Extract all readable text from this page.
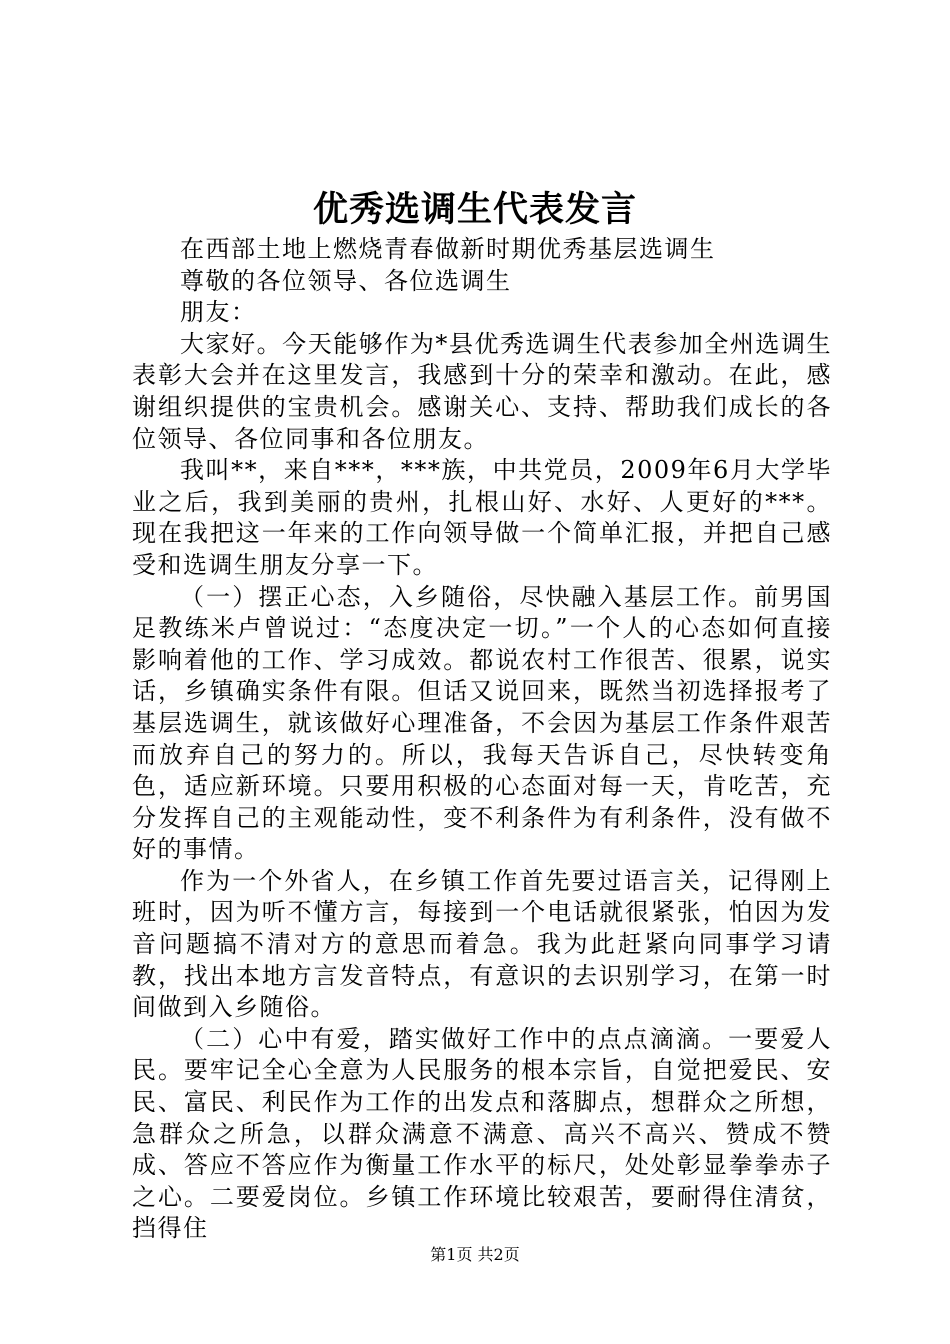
优秀选调生代表发言

在西部土地上燃烧青春做新时期优秀基层选调生

尊敬的各位领导、各位选调生

朋友：

大家好。今天能够作为*县优秀选调生代表参加全州选调生表彰大会并在这里发言，我感到十分的荣幸和激动。在此，感谢组织提供的宝贵机会。感谢关心、支持、帮助我们成长的各位领导、各位同事和各位朋友。

我叫**，来自***，***族，中共党员，2009年6月大学毕业之后，我到美丽的贵州，扎根山好、水好、人更好的***。现在我把这一年来的工作向领导做一个简单汇报，并把自己感受和选调生朋友分享一下。

（一）摆正心态，入乡随俗，尽快融入基层工作。前男国足教练米卢曾说过：“态度决定一切。”一个人的心态如何直接影响着他的工作、学习成效。都说农村工作很苦、很累，说实话，乡镇确实条件有限。但话又说回来，既然当初选择报考了基层选调生，就该做好心理准备，不会因为基层工作条件艰苦而放弃自己的努力的。所以，我每天告诉自己，尽快转变角色，适应新环境。只要用积极的心态面对每一天，肯吃苦，充分发挥自己的主观能动性，变不利条件为有利条件，没有做不好的事情。

作为一个外省人，在乡镇工作首先要过语言关，记得刚上班时，因为听不懂方言，每接到一个电话就很紧张，怕因为发音问题搞不清对方的意思而着急。我为此赶紧向同事学习请教，找出本地方言发音特点，有意识的去识别学习，在第一时间做到入乡随俗。

（二）心中有爱，踏实做好工作中的点点滴滴。一要爱人民。要牢记全心全意为人民服务的根本宗旨，自觉把爱民、安民、富民、利民作为工作的出发点和落脚点，想群众之所想，急群众之所急，以群众满意不满意、高兴不高兴、赞成不赞成、答应不答应作为衡量工作水平的标尺，处处彰显拳拳赤子之心。二要爱岗位。乡镇工作环境比较艰苦，要耐得住清贫，挡得住

第1页 共2页
